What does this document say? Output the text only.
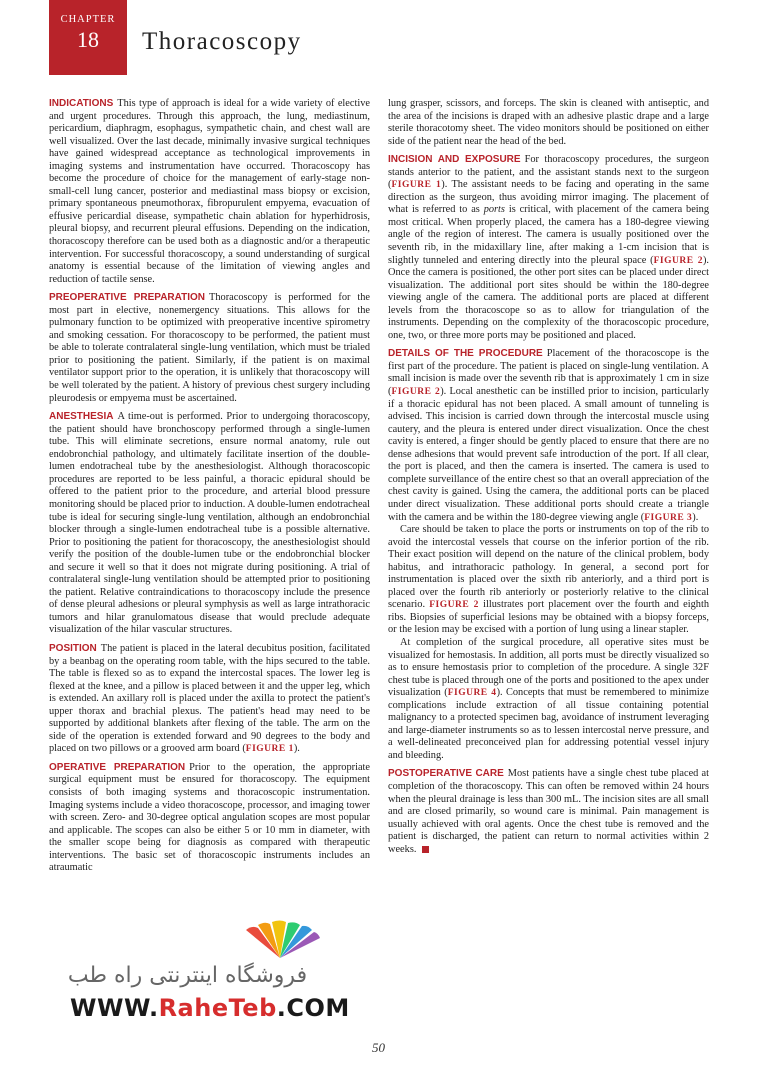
CHAPTER
18	Thoracoscopy

INDICATIONS This type of approach is ideal for a wide variety of elective and urgent procedures. Through this approach, the lung, mediastinum, pericardium, diaphragm, esophagus, sympathetic chain, and chest wall are well visualized. Over the last decade, minimally invasive surgical techniques have gained widespread acceptance as technological improvements in imaging systems and instrumentation have occurred. Thoracoscopy has become the procedure of choice for the management of early-stage non-small-cell lung cancer, posterior and mediastinal mass biopsy or excision, primary spontaneous pneumothorax, fibropurulent empyema, evacuation of effusive pericardial disease, sympathetic chain ablation for hyperhidrosis, pleural biopsy, and recurrent pleural effusions. Depending on the indication, thoracoscopy therefore can be used both as a diagnostic and/or a therapeutic intervention. For successful thoracoscopy, a sound understanding of surgical anatomy is essential because of the limitation of viewing angles and reduction of tactile sense.

PREOPERATIVE PREPARATION Thoracoscopy is performed for the most part in elective, nonemergency situations. This allows for the pulmonary function to be optimized with preoperative incentive spirometry and smoking cessation. For thoracoscopy to be performed, the patient must be able to tolerate contralateral single-lung ventilation, which must be trialed prior to positioning the patient. Similarly, if the patient is on maximal ventilator support prior to the operation, it is unlikely that thoracoscopy will be well tolerated by the patient. A history of previous chest surgery including pleurodesis or empyema must be ascertained.

ANESTHESIA A time-out is performed. Prior to undergoing thoracoscopy, the patient should have bronchoscopy performed through a single-lumen tube. This will eliminate secretions, ensure normal anatomy, rule out endobronchial pathology, and ultimately facilitate insertion of the double-lumen endotracheal tube by the anesthesiologist. Although thoracoscopic procedures are reported to be less painful, a thoracic epidural should be offered to the patient prior to the procedure, and arterial blood pressure monitoring should be placed prior to induction. A double-lumen endotracheal tube is ideal for securing single-lung ventilation, although an endobronchial blocker through a single-lumen endotracheal tube is a possible alternative. Prior to positioning the patient for thoracoscopy, the anesthesiologist should verify the position of the double-lumen tube or the endobronchial blocker and secure it well so that it does not migrate during positioning. A trial of contralateral single-lung ventilation should be attempted prior to positioning the patient. Relative contraindications to thoracoscopy include the presence of dense pleural adhesions or pleural symphysis as well as large intrathoracic tumors and hilar granulomatous disease that would preclude adequate visualization of the hilar vascular structures.

POSITION The patient is placed in the lateral decubitus position, facilitated by a beanbag on the operating room table, with the hips secured to the table. The table is flexed so as to expand the intercostal spaces. The lower leg is flexed at the knee, and a pillow is placed between it and the upper leg, which is extended. An axillary roll is placed under the axilla to protect the patient's upper thorax and brachial plexus. The patient's head may need to be supported by additional blankets after flexing of the table. The arm on the side of the operation is extended forward and 90 degrees to the body and placed on two pillows or a grooved arm board (FIGURE 1).

OPERATIVE PREPARATION Prior to the operation, the appropriate surgical equipment must be ensured for thoracoscopy. The equipment consists of both imaging systems and thoracoscopic instrumentation. Imaging systems include a video thoracoscope, processor, and imaging tower with screen. Zero- and 30-degree optical angulation scopes are most popular and applicable. The scopes can also be either 5 or 10 mm in diameter, with the smaller scope being for diagnosis as compared with therapeutic interventions. The basic set of thoracoscopic instruments includes an atraumatic

lung grasper, scissors, and forceps. The skin is cleaned with antiseptic, and the area of the incisions is draped with an adhesive plastic drape and a large sterile thoracotomy sheet. The video monitors should be positioned on either side of the patient near the head of the bed.

INCISION AND EXPOSURE For thoracoscopy procedures, the surgeon stands anterior to the patient, and the assistant stands next to the surgeon (FIGURE 1). The assistant needs to be facing and operating in the same direction as the surgeon, thus avoiding mirror imaging. The placement of what is referred to as ports is critical, with placement of the camera being most critical. When properly placed, the camera has a 180-degree viewing angle of the region of interest. The camera is usually positioned over the seventh rib, in the midaxillary line, after making a 1-cm incision that is slightly tunneled and entering directly into the pleural space (FIGURE 2). Once the camera is positioned, the other port sites can be placed under direct visualization. The additional port sites should be within the 180-degree viewing angle of the camera. The additional ports are placed at different levels from the thoracoscope so as to allow for triangulation of the instruments. Depending on the complexity of the thoracoscopic procedure, one, two, or three more ports may be positioned and placed.

DETAILS OF THE PROCEDURE Placement of the thoracoscope is the first part of the procedure. The patient is placed on single-lung ventilation. A small incision is made over the seventh rib that is approximately 1 cm in size (FIGURE 2). Local anesthetic can be instilled prior to incision, particularly if a thoracic epidural has not been placed. A small amount of tunneling is advised. This incision is carried down through the intercostal muscle using cautery, and the pleura is entered under direct visualization. Once the chest cavity is entered, a finger should be gently placed to ensure that there are no dense adhesions that would prevent safe introduction of the port. If all clear, the port is placed, and then the camera is inserted. The camera is used to complete surveillance of the entire chest so that an overall appreciation of the chest cavity is gained. Using the camera, the additional ports can be placed under direct visualization. These additional ports should create a triangle with the camera and be within the 180-degree viewing angle (FIGURE 3).

Care should be taken to place the ports or instruments on top of the rib to avoid the intercostal vessels that course on the inferior portion of the rib. Their exact position will depend on the nature of the clinical problem, body habitus, and intrathoracic pathology. In general, a second port for instrumentation is placed over the sixth rib anteriorly, and a third port is placed over the fourth rib anteriorly or posteriorly relative to the clinical scenario. FIGURE 2 illustrates port placement over the fourth and eighth ribs. Biopsies of superficial lesions may be obtained with a biopsy forceps, or the lesion may be excised with a portion of lung using a linear stapler.

At completion of the surgical procedure, all operative sites must be visualized for hemostasis. In addition, all ports must be directly visualized so as to ensure hemostasis prior to completion of the procedure. A single 32F chest tube is placed through one of the ports and positioned to the apex under visualization (FIGURE 4). Concepts that must be remembered to minimize complications include extraction of all tissue containing potential malignancy to a protected specimen bag, avoidance of instrument leveraging and large-diameter instruments so as to lessen intercostal nerve pressure, and a well-delineated preconceived plan for addressing potential vessel injury and bleeding.

POSTOPERATIVE CARE Most patients have a single chest tube placed at completion of the thoracoscopy. This can often be removed within 24 hours when the pleural drainage is less than 300 mL. The incision sites are all small and are closed primarily, so wound care is minimal. Pain management is usually achieved with oral agents. Once the chest tube is removed and the patient is discharged, the patient can return to normal activities within 2 weeks.

فروشگاه اینترنتی راه طب
WWW.RaheTeb.COM
50
